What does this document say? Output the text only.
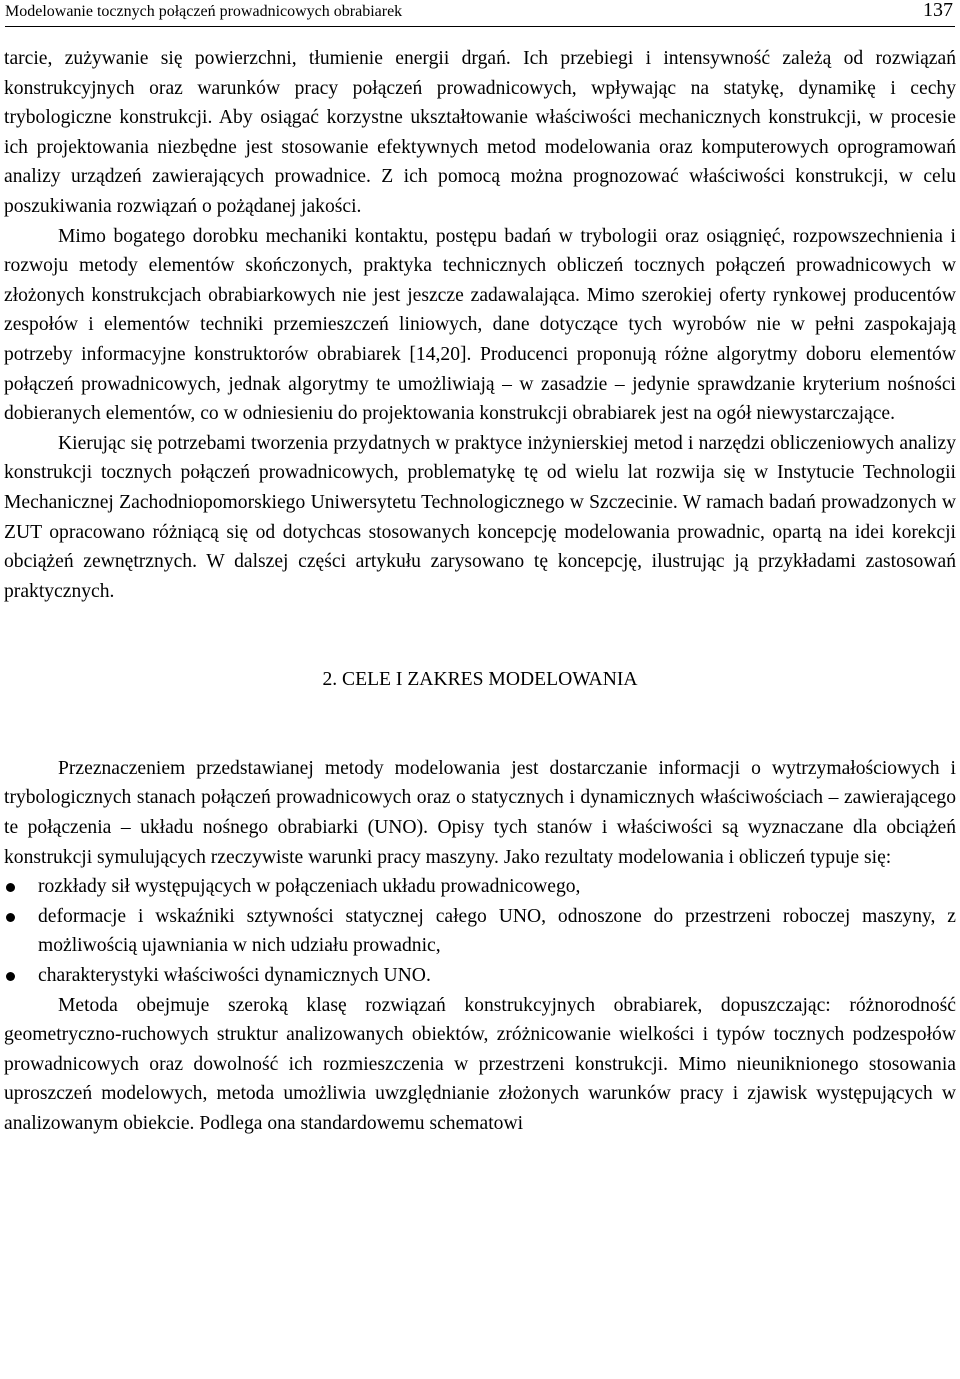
Modelowanie tocznych połączeń prowadnicowych obrabiarek	137

tarcie, zużywanie się powierzchni, tłumienie energii drgań. Ich przebiegi i intensywność zależą od rozwiązań konstrukcyjnych oraz warunków pracy połączeń prowadnicowych, wpływając na statykę, dynamikę i cechy trybologiczne konstrukcji. Aby osiągać korzystne ukształtowanie właściwości mechanicznych konstrukcji, w procesie ich projektowania niezbędne jest stosowanie efektywnych metod modelowania oraz komputerowych oprogramowań analizy urządzeń zawierających prowadnice. Z ich pomocą można prognozować właściwości konstrukcji, w celu poszukiwania rozwiązań o pożądanej jakości.

Mimo bogatego dorobku mechaniki kontaktu, postępu badań w trybologii oraz osiągnięć, rozpowszechnienia i rozwoju metody elementów skończonych, praktyka technicznych obliczeń tocznych połączeń prowadnicowych w złożonych konstrukcjach obrabiarkowych nie jest jeszcze zadawalająca. Mimo szerokiej oferty rynkowej producentów zespołów i elementów techniki przemieszczeń liniowych, dane dotyczące tych wyrobów nie w pełni zaspokajają potrzeby informacyjne konstruktorów obrabiarek [14,20]. Producenci proponują różne algorytmy doboru elementów połączeń prowadnicowych, jednak algorytmy te umożliwiają – w zasadzie – jedynie sprawdzanie kryterium nośności dobieranych elementów, co w odniesieniu do projektowania konstrukcji obrabiarek jest na ogół niewystarczające.

Kierując się potrzebami tworzenia przydatnych w praktyce inżynierskiej metod i narzędzi obliczeniowych analizy konstrukcji tocznych połączeń prowadnicowych, problematykę tę od wielu lat rozwija się w Instytucie Technologii Mechanicznej Zachodniopomorskiego Uniwersytetu Technologicznego w Szczecinie. W ramach badań prowadzonych w ZUT opracowano różniącą się od dotychcas stosowanych koncepcję modelowania prowadnic, opartą na idei korekcji obciążeń zewnętrznych. W dalszej części artykułu zarysowano tę koncepcję, ilustrując ją przykładami zastosowań praktycznych.

2. CELE I ZAKRES MODELOWANIA

Przeznaczeniem przedstawianej metody modelowania jest dostarczanie informacji o wytrzymałościowych i trybologicznych stanach połączeń prowadnicowych oraz o statycznych i dynamicznych właściwościach – zawierającego te połączenia – układu nośnego obrabiarki (UNO). Opisy tych stanów i właściwości są wyznaczane dla obciążeń konstrukcji symulujących rzeczywiste warunki pracy maszyny. Jako rezultaty modelowania i obliczeń typuje się:

rozkłady sił występujących w połączeniach układu prowadnicowego,
deformacje i wskaźniki sztywności statycznej całego UNO, odnoszone do przestrzeni roboczej maszyny, z możliwością ujawniania w nich udziału prowadnic,
charakterystyki właściwości dynamicznych UNO.

Metoda obejmuje szeroką klasę rozwiązań konstrukcyjnych obrabiarek, dopuszczając: różnorodność geometryczno-ruchowych struktur analizowanych obiektów, zróżnicowanie wielkości i typów tocznych podzespołów prowadnicowych oraz dowolność ich rozmieszczenia w przestrzeni konstrukcji. Mimo nieuniknionego stosowania uproszczeń modelowych, metoda umożliwia uwzględnianie złożonych warunków pracy i zjawisk występujących w analizowanym obiekcie. Podlega ona standardowemu schematowi
